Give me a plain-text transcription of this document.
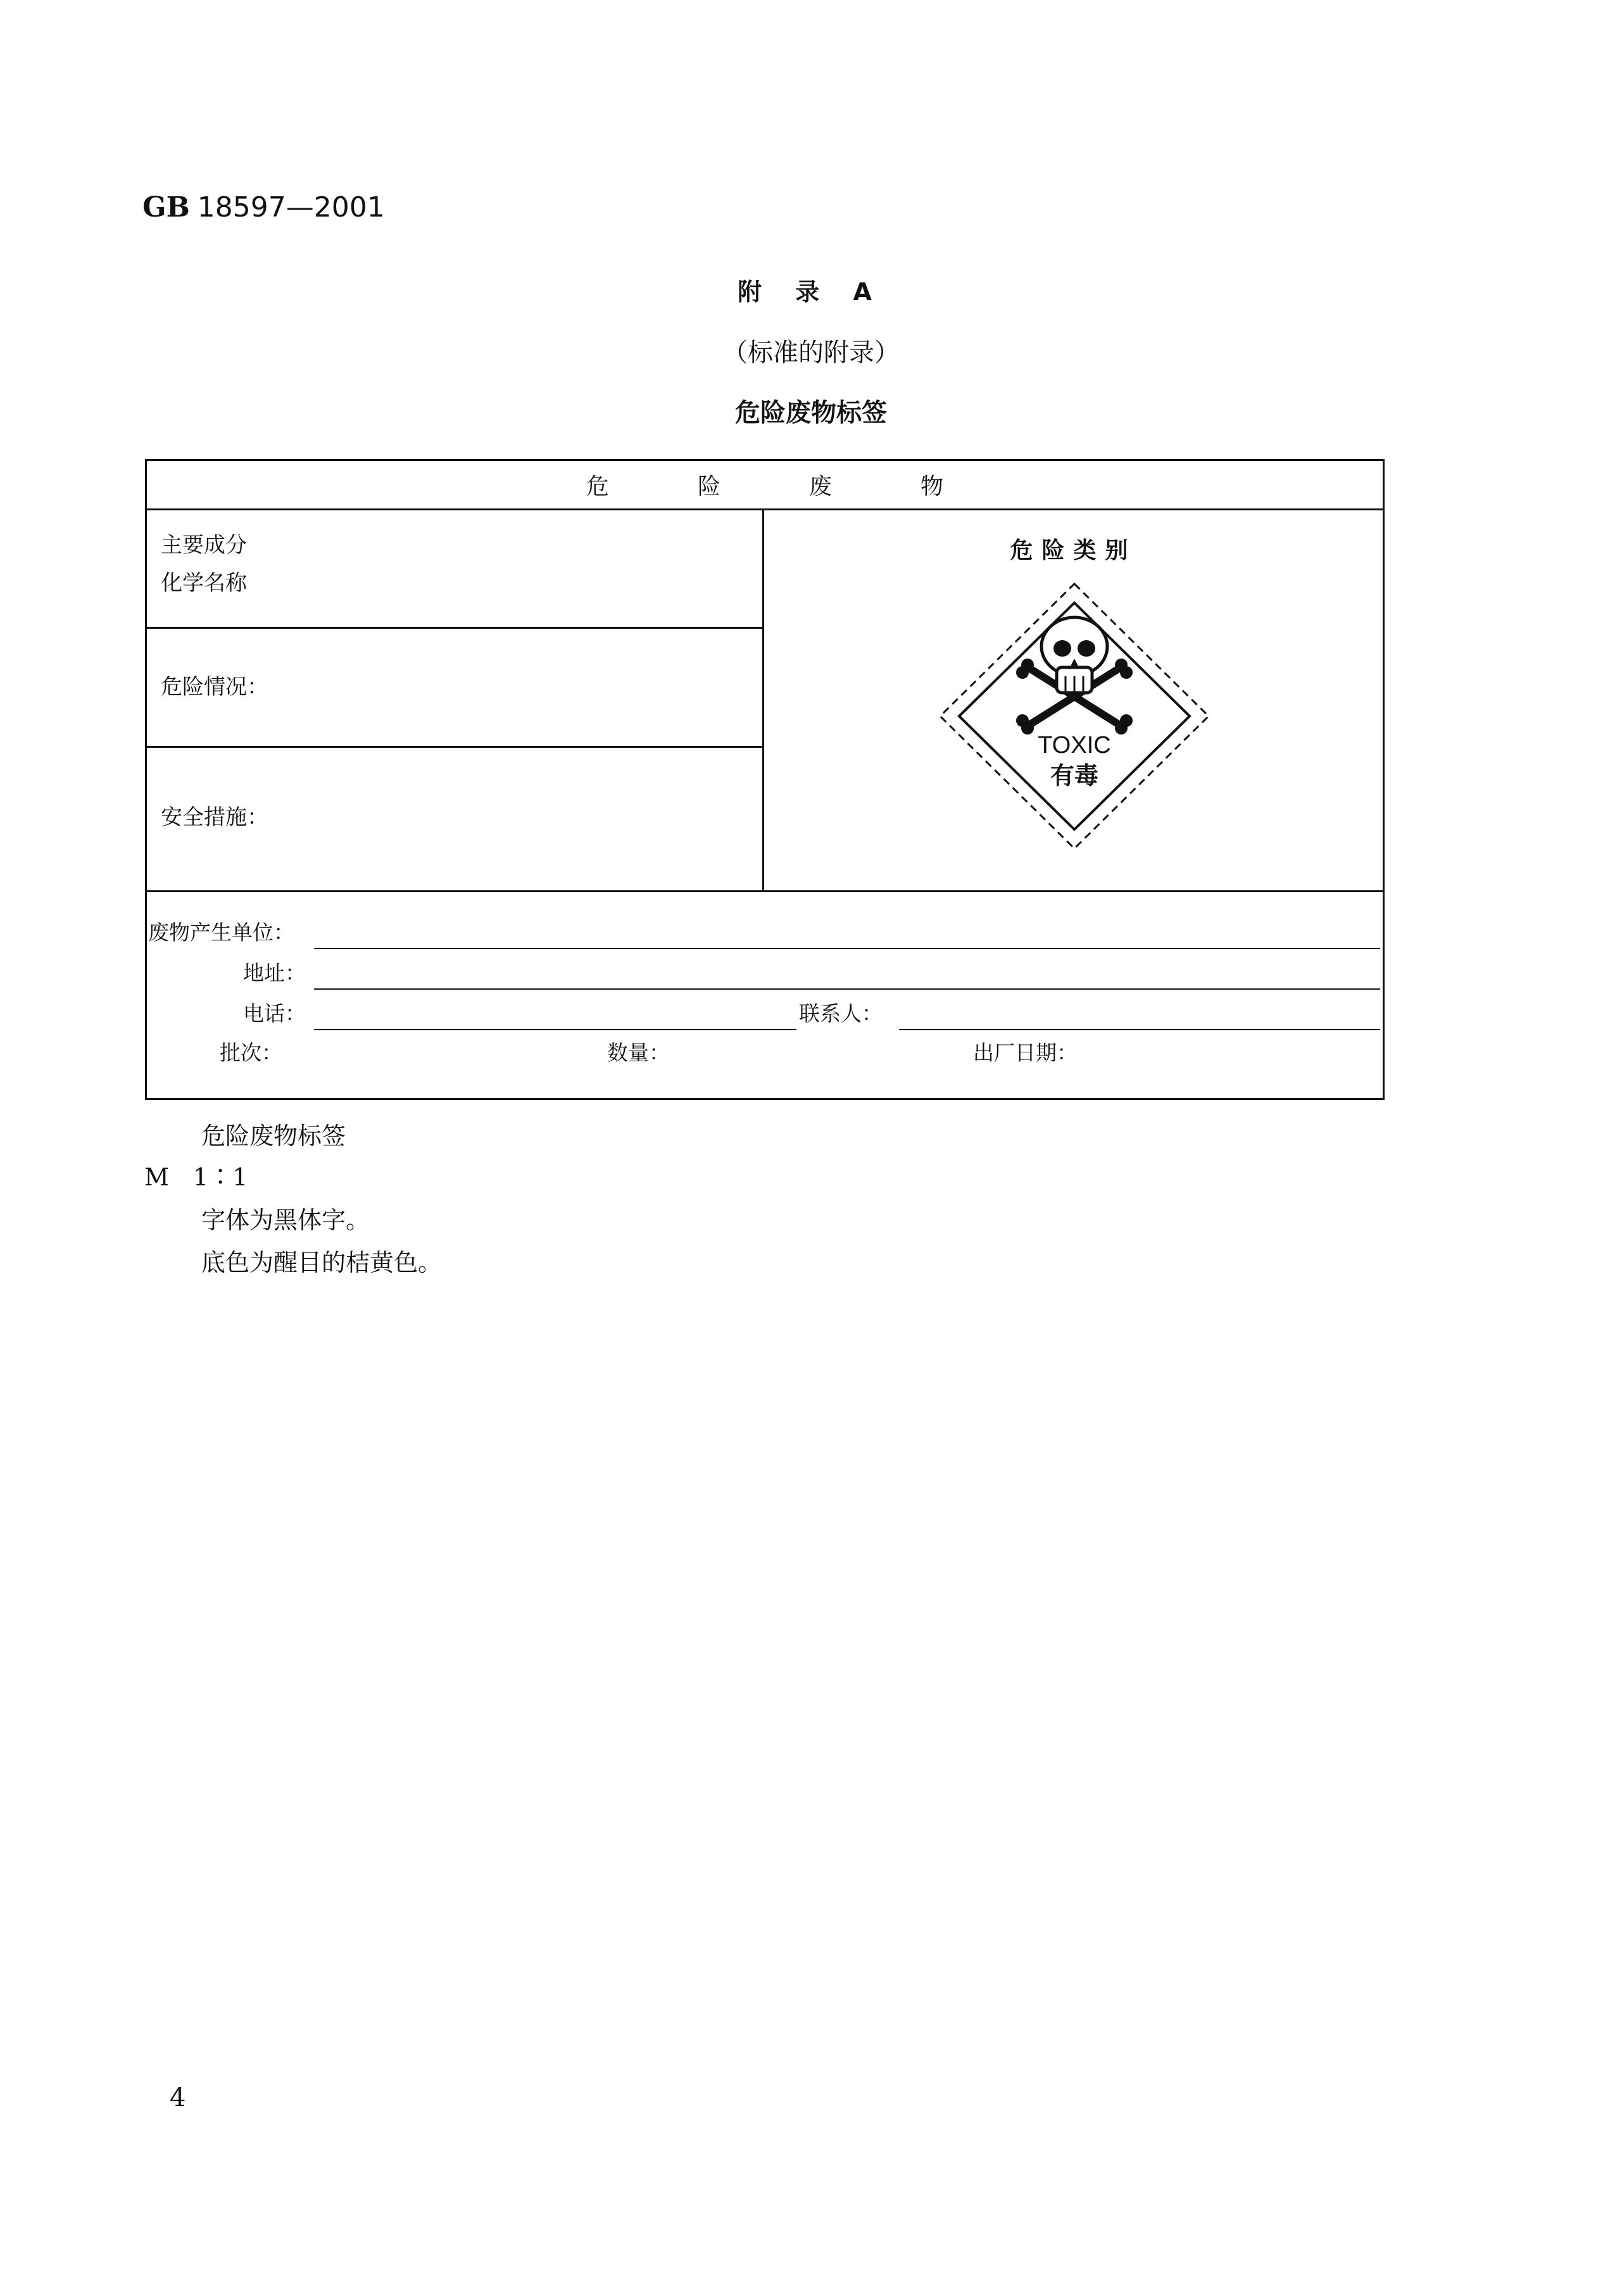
GB 18597—2001
附 录 A
（标准的附录）
危险废物标签
危	险	废	物
主要成分
化学名称
危险情况：
安全措施：
危险类别
TOXIC
有毒
废物产生单位：
地址：
电话：	联系人：
批次：	数量：	出厂日期：
危险废物标签
M　1∶1
字体为黑体字。
底色为醒目的桔黄色。
4
